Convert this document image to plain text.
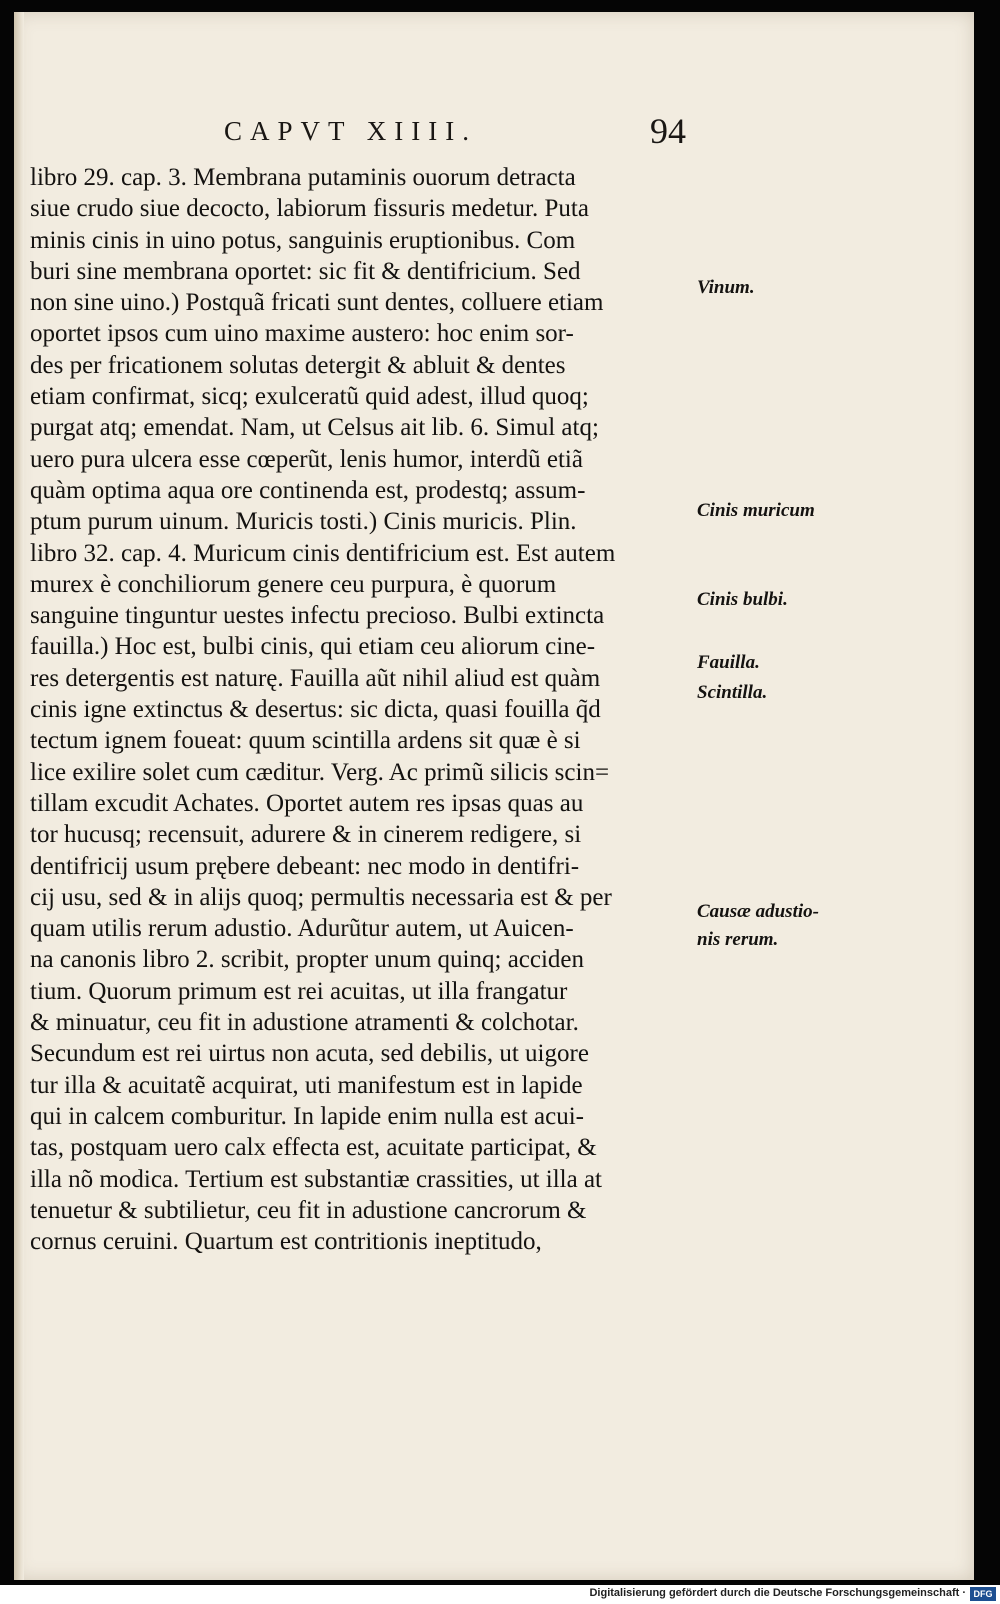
CAPVT XIIII.	94
libro 29. cap. 3. Membrana putaminis ouorum detracta
siue crudo siue decocto, labiorum fissuris medetur. Puta
minis cinis in uino potus, sanguinis eruptionibus. Com
buri sine membrana oportet: sic fit & dentifricium. Sed
non sine uino.) Postquã fricati sunt dentes, colluere etiam
oportet ipsos cum uino maxime austero: hoc enim sor-
des per fricationem solutas detergit & abluit & dentes
etiam confirmat, sicq; exulceratũ quid adest, illud quoq;
purgat atq; emendat. Nam, ut Celsus ait lib. 6. Simul atq;
uero pura ulcera esse cœperũt, lenis humor, interdũ etiã
quàm optima aqua ore continenda est, prodestq; assum-
ptum purum uinum. Muricis tosti.) Cinis muricis. Plin.
libro 32. cap. 4. Muricum cinis dentifricium est. Est autem
murex è conchiliorum genere ceu purpura, è quorum
sanguine tinguntur uestes infectu precioso. Bulbi extincta
fauilla.) Hoc est, bulbi cinis, qui etiam ceu aliorum cine-
res detergentis est naturę. Fauilla aũt nihil aliud est quàm
cinis igne extinctus & desertus: sic dicta, quasi fouilla q̃d
tectum ignem foueat: quum scintilla ardens sit quæ è si
lice exilire solet cum cæditur. Verg. Ac primũ silicis scin=
tillam excudit Achates. Oportet autem res ipsas quas au
tor hucusq; recensuit, adurere & in cinerem redigere, si
dentifricij usum prębere debeant: nec modo in dentifri-
cij usu, sed & in alijs quoq; permultis necessaria est & per
quam utilis rerum adustio. Adurũtur autem, ut Auicen-
na canonis libro 2. scribit, propter unum quinq; acciden
tium. Quorum primum est rei acuitas, ut illa frangatur
& minuatur, ceu fit in adustione atramenti & colchotar.
Secundum est rei uirtus non acuta, sed debilis, ut uigore
tur illa & acuitatẽ acquirat, uti manifestum est in lapide
qui in calcem comburitur. In lapide enim nulla est acui-
tas, postquam uero calx effecta est, acuitate participat, &
illa nõ modica. Tertium est substantiæ crassities, ut illa at
tenuetur & subtilietur, ceu fit in adustione cancrorum &
cornus ceruini. Quartum est contritionis ineptitudo,
Vinum.
Cinis muricum
Cinis bulbi.
Fauilla.
Scintilla.
Causæ adustio-
nis rerum.
Digitalisierung gefördert durch die Deutsche Forschungsgemeinschaft · DFG
